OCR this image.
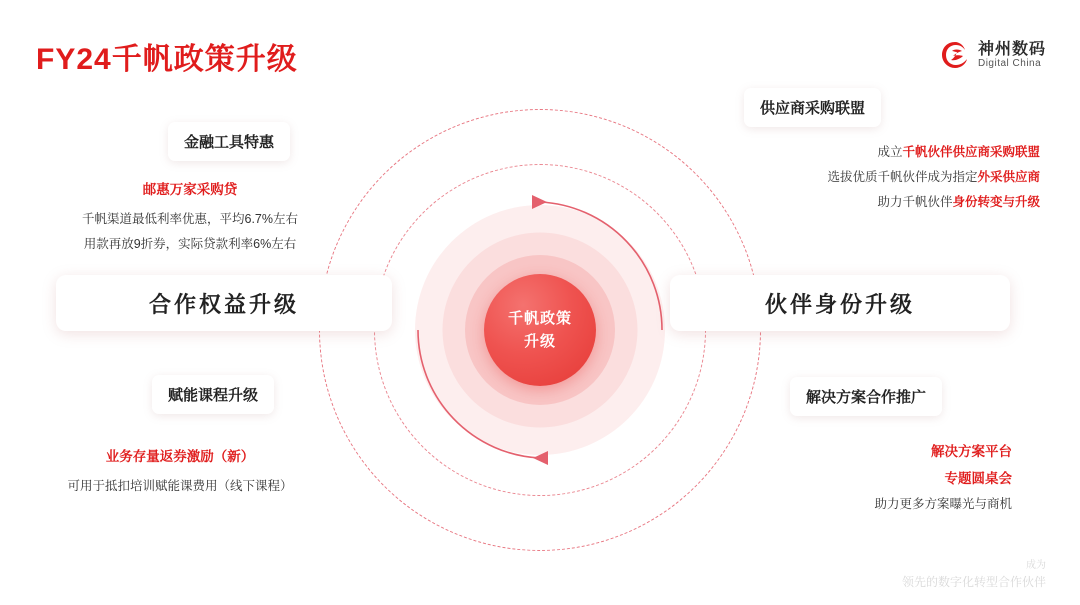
FY24千帆政策升级	神州数码
Digital China
千帆政策
升级
合作权益升级	伙伴身份升级
金融工具特惠
邮惠万家采购贷
千帆渠道最低利率优惠，平均6.7%左右
用款再放9折券，实际贷款利率6%左右
赋能课程升级
业务存量返券激励（新）
可用于抵扣培训赋能课费用（线下课程）
供应商采购联盟
成立千帆伙伴供应商采购联盟
选拔优质千帆伙伴成为指定外采供应商
助力千帆伙伴身份转变与升级
解决方案合作推广
解决方案平台
专题圆桌会
助力更多方案曝光与商机
成为
领先的数字化转型合作伙伴
